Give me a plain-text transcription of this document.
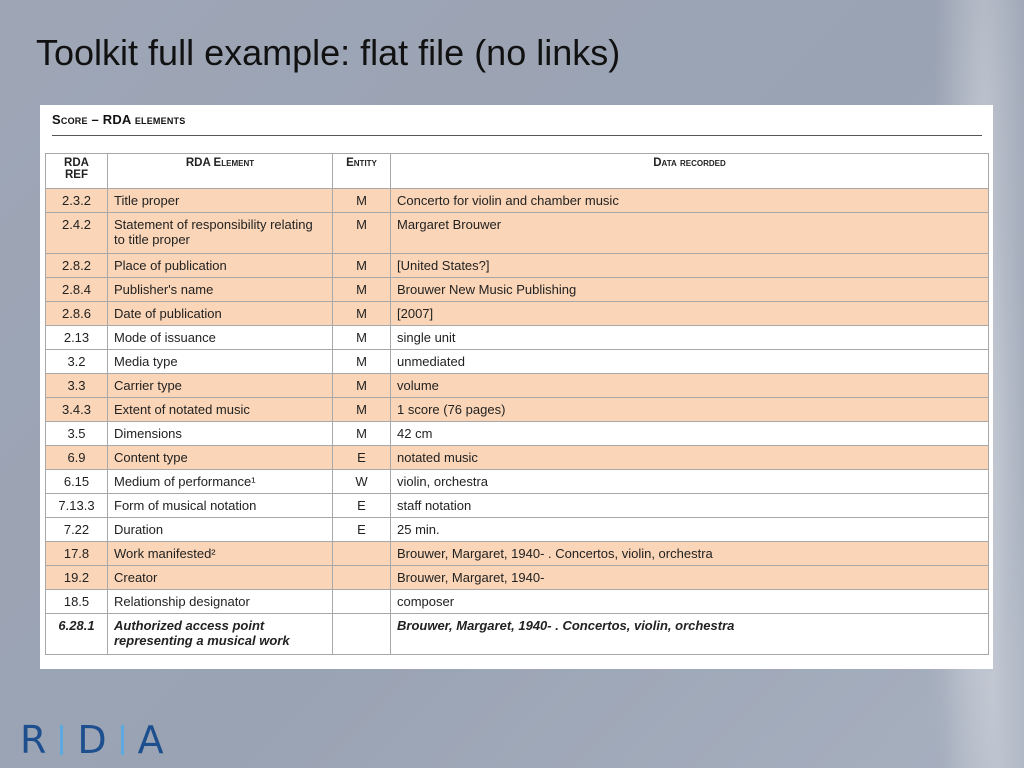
Toolkit full example: flat file (no links)
Score – RDA elements
RDA REF	RDA Element	Entity	Data recorded
2.3.2	Title proper	M	Concerto for violin and chamber music
2.4.2	Statement of responsibility relating to title proper	M	Margaret Brouwer
2.8.2	Place of publication	M	[United States?]
2.8.4	Publisher's name	M	Brouwer New Music Publishing
2.8.6	Date of publication	M	[2007]
2.13	Mode of issuance	M	single unit
3.2	Media type	M	unmediated
3.3	Carrier type	M	volume
3.4.3	Extent of notated music	M	1 score (76 pages)
3.5	Dimensions	M	42 cm
6.9	Content type	E	notated music
6.15	Medium of performance¹	W	violin, orchestra
7.13.3	Form of musical notation	E	staff notation
7.22	Duration	E	25 min.
17.8	Work manifested²		Brouwer, Margaret, 1940- . Concertos, violin, orchestra
19.2	Creator		Brouwer, Margaret, 1940-
18.5	Relationship designator		composer
6.28.1	Authorized access point representing a musical work		Brouwer, Margaret, 1940- . Concertos, violin, orchestra
R D A
